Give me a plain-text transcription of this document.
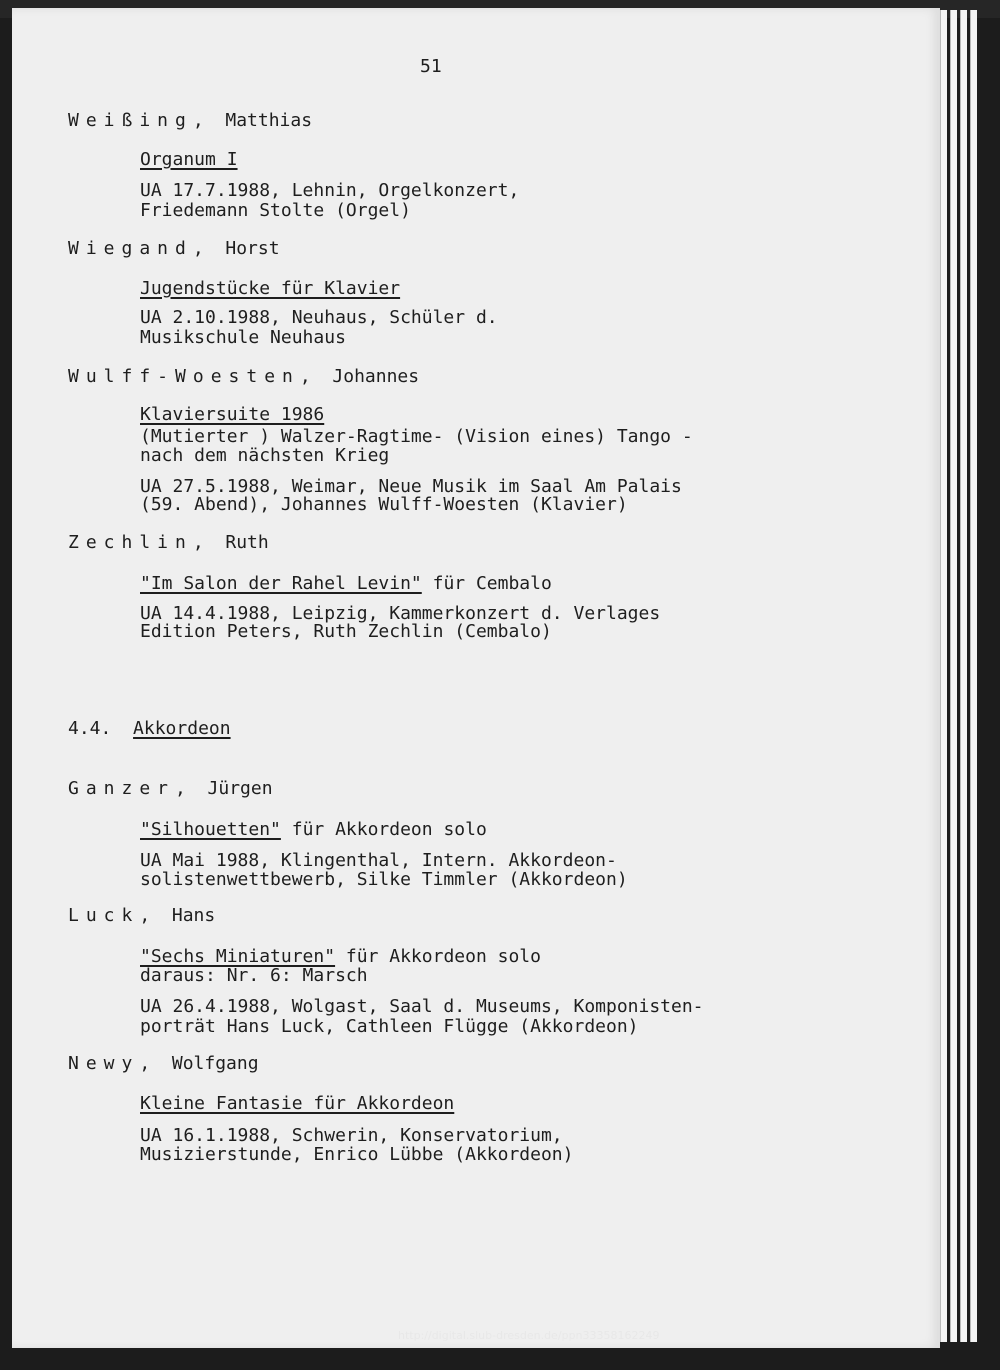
51
Weißing,  Matthias
Organum I
UA 17.7.1988, Lehnin, Orgelkonzert,
Friedemann Stolte (Orgel)
Wiegand,  Horst
Jugendstücke für Klavier
UA 2.10.1988, Neuhaus, Schüler d.
Musikschule Neuhaus
Wulff-Woesten,  Johannes
Klaviersuite 1986
(Mutierter ) Walzer-Ragtime- (Vision eines) Tango -
nach dem nächsten Krieg
UA 27.5.1988, Weimar, Neue Musik im Saal Am Palais
(59. Abend), Johannes Wulff-Woesten (Klavier)
Zechlin,  Ruth
"Im Salon der Rahel Levin" für Cembalo
UA 14.4.1988, Leipzig, Kammerkonzert d. Verlages
Edition Peters, Ruth Zechlin (Cembalo)
4.4. Akkordeon
Ganzer,  Jürgen
"Silhouetten" für Akkordeon solo
UA Mai 1988, Klingenthal, Intern. Akkordeon-
solistenwettbewerb, Silke Timmler (Akkordeon)
Luck,  Hans
"Sechs Miniaturen" für Akkordeon solo
daraus: Nr. 6: Marsch
UA 26.4.1988, Wolgast, Saal d. Museums, Komponisten-
porträt Hans Luck, Cathleen Flügge (Akkordeon)
Newy,  Wolfgang
Kleine Fantasie für Akkordeon
UA 16.1.1988, Schwerin, Konservatorium,
Musizierstunde, Enrico Lübbe (Akkordeon)
http://digital.slub-dresden.de/ppn33358162249
